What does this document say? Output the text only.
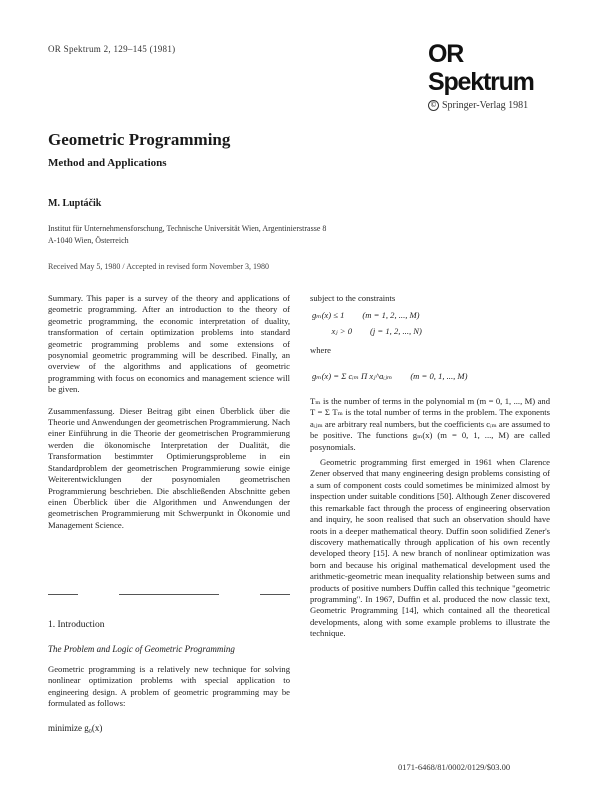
OR Spektrum 2, 129–145 (1981)	OR Spektrum
© Springer-Verlag 1981
Geometric Programming
Method and Applications
M. Luptáčik
Institut für Unternehmensforschung, Technische Universität Wien, Argentinierstrasse 8
A-1040 Wien, Österreich
Received May 5, 1980 / Accepted in revised form November 3, 1980

Summary. This paper is a survey of the theory and applications of geometric programming. After an introduction to the theory of geometric programming, the economic interpretation of duality, transformation of certain optimization problems into standard geometric programming problems and some extensions of posynomial geometric programming will be described. Finally, an overview of the algorithms and applications of geometric programming with focus on economics and management science will be given.

Zusammenfassung. Dieser Beitrag gibt einen Überblick über die Theorie und Anwendungen der geometrischen Programmierung. Nach einer Einführung in die Theorie der geometrischen Programmierung werden die ökonomische Interpretation der Dualität, die Transformation bestimmter Optimierungsprobleme in ein Standardproblem der geometrischen Programmierung sowie einige Weiterentwicklungen der posynomialen geometrischen Programmierung beschrieben. Die abschließenden Abschnitte geben einen Überblick über die Algorithmen und Anwendungen der geometrischen Programmierung mit Schwerpunkt in Ökonomie und Management Science.

1. Introduction
The Problem and Logic of Geometric Programming
Geometric programming is a relatively new technique for solving nonlinear optimization problems with special application to engineering design. A problem of geometric programming may be formulated as follows:
minimize g₀(x)

subject to the constraints

gₘ(x) ≤ 1 (m = 1, 2, ..., M)
xⱼ > 0 (j = 1, 2, ..., N)

where

gₘ(x) = Σ cᵢₘ Π xⱼ^aᵢⱼₘ (m = 0, 1, ..., M)

Tₘ is the number of terms in the polynomial m (m = 0, 1, ..., M) and T = Σ Tₘ is the total number of terms in the problem. The exponents aᵢⱼₘ are arbitrary real numbers, but the coefficients cᵢₘ are assumed to be positive. The functions gₘ(x) (m = 0, 1, ..., M) are called posynomials.

Geometric programming first emerged in 1961 when Clarence Zener observed that many engineering design problems consisting of a sum of component costs could sometimes be minimized almost by inspection under suitable conditions [50]. Although Zener discovered this remarkable fact through the process of engineering observation and inquiry, he soon realised that such an observation should have roots in a deeper mathematical theory. Duffin soon solidified Zener's discovery mathematically through application of his own recently developed theory [15]. A new branch of nonlinear optimization was born and because his original mathematical development used the arithmetic-geometric mean inequality relationship between sums and products of positive numbers Duffin called this technique "geometric programming". In 1967, Duffin et al. produced the now classic text, Geometric Programming [14], which contained all the theoretical developments, along with some example problems to illustrate the technique.

0171-6468/81/0002/0129/$03.00
